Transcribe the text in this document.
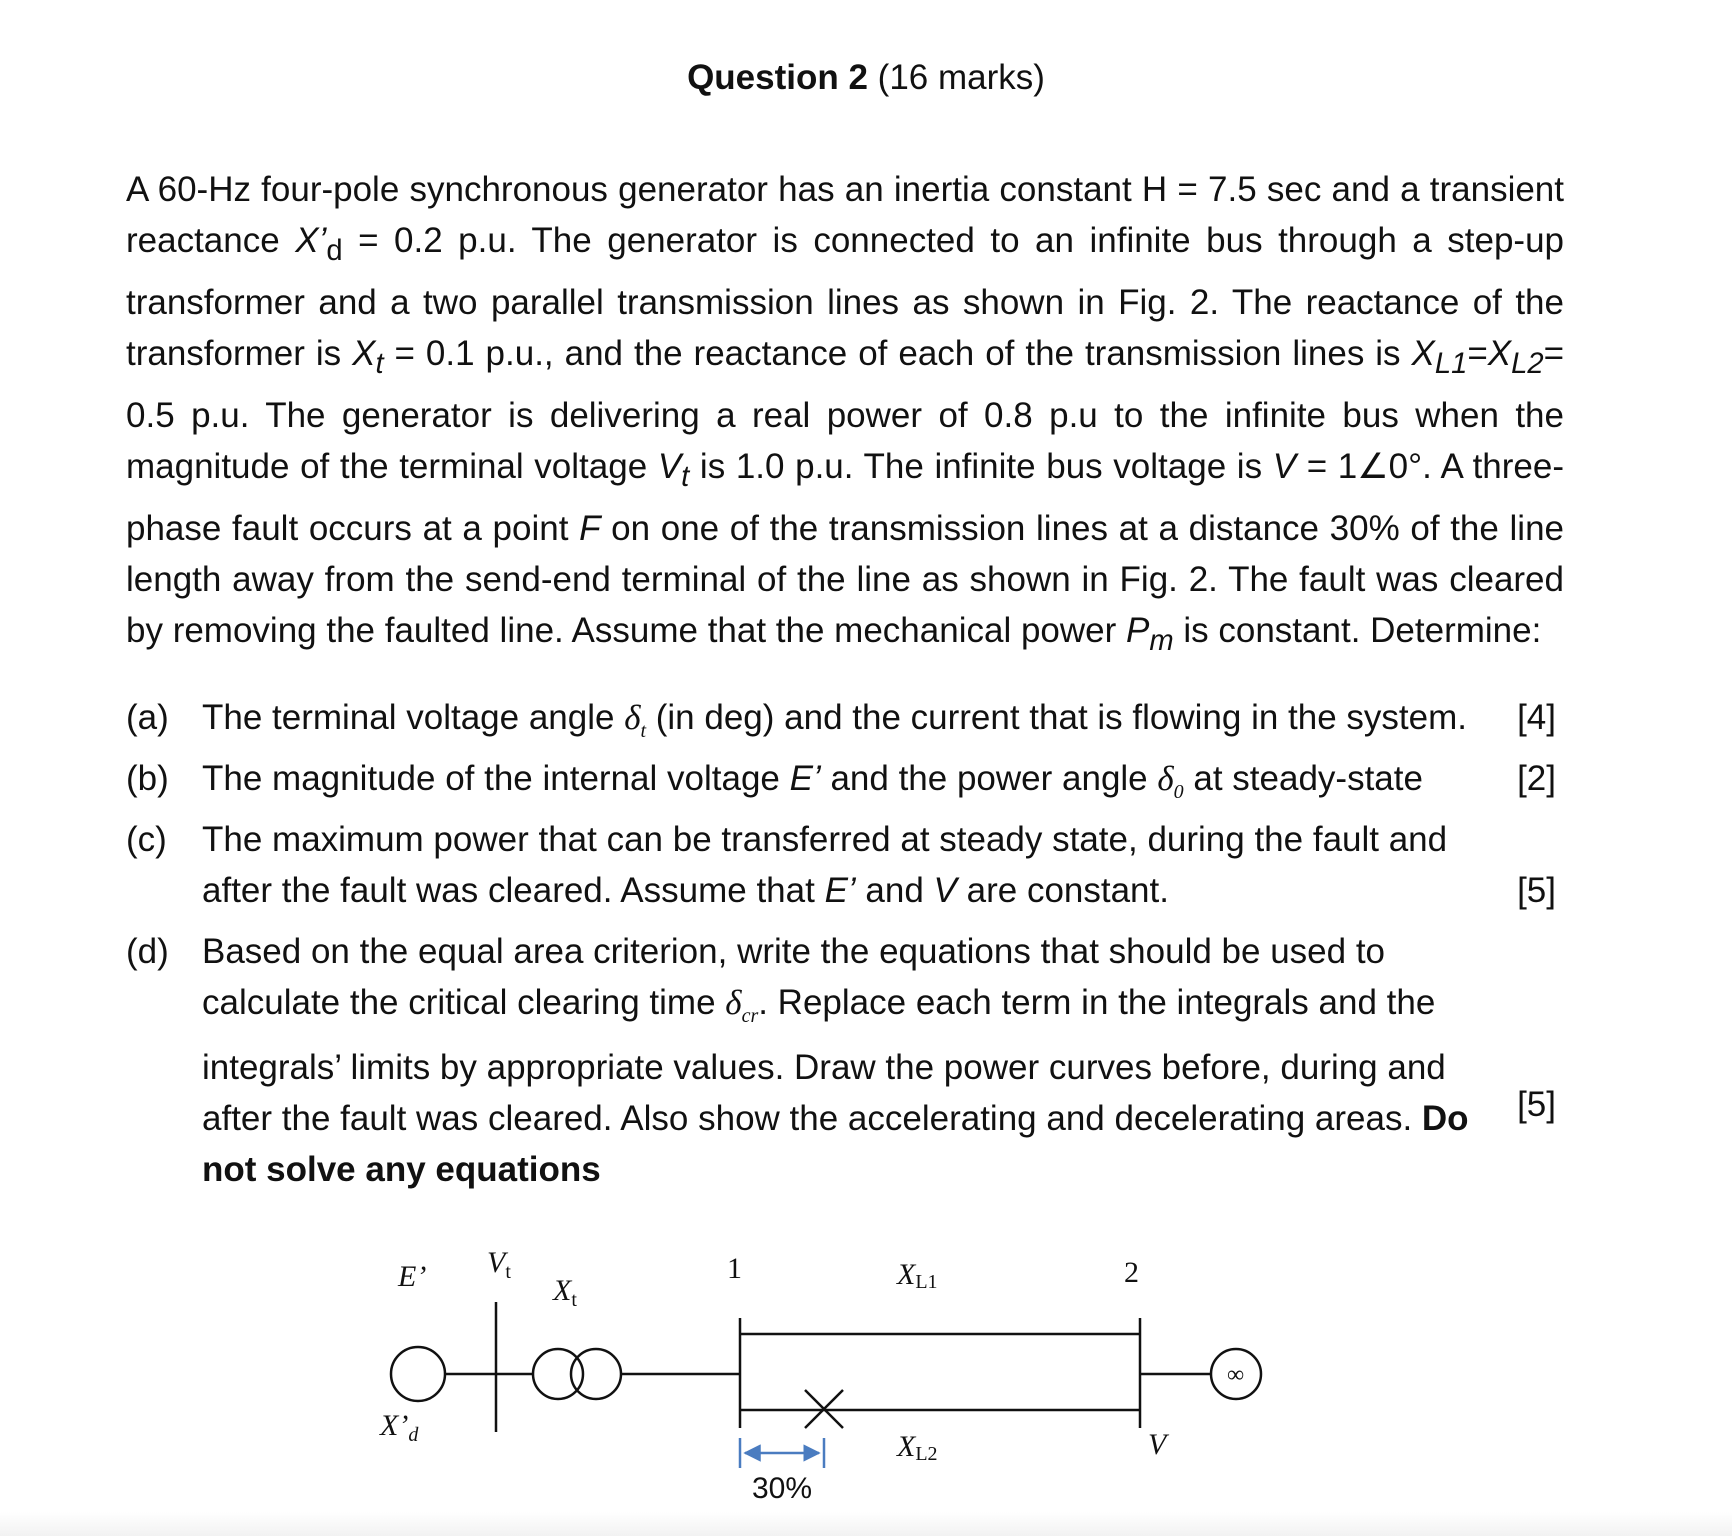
Question 2 (16 marks)
A 60-Hz four-pole synchronous generator has an inertia constant H = 7.5 sec and a transient reactance $X’_d = 0.2$ p.u. The generator is connected to an infinite bus through a step-up transformer and a two parallel transmission lines as shown in Fig. 2. The reactance of the transformer is $X_t = 0.1$ p.u., and the reactance of each of the transmission lines is $X_{L1}=X_{L2}= 0.5$ p.u. The generator is delivering a real power of 0.8 p.u to the infinite bus when the magnitude of the terminal voltage $V_t$ is 1.0 p.u. The infinite bus voltage is V = 1∠0°. A three-phase fault occurs at a point F on one of the transmission lines at a distance 30% of the line length away from the send-end terminal of the line as shown in Fig. 2. The fault was cleared by removing the faulted line. Assume that the mechanical power $P_m$ is constant. Determine:
(a) The terminal voltage angle $\delta_t$ (in deg) and the current that is flowing in the system.	[4]
(b) The magnitude of the internal voltage E’ and the power angle $\delta_0$ at steady-state	[2]
(c) The maximum power that can be transferred at steady state, during the fault and after the fault was cleared. Assume that E’ and V are constant.	[5]
(d) Based on the equal area criterion, write the equations that should be used to calculate the critical clearing time $\delta_{cr}$. Replace each term in the integrals and the integrals’ limits by appropriate values. Draw the power curves before, during and after the fault was cleared. Also show the accelerating and decelerating areas. Do not solve any equations
[5]
E’ $V_t$
$X_t$
$X’_d$
1	2
XL1
XL2	V
∞
30%
